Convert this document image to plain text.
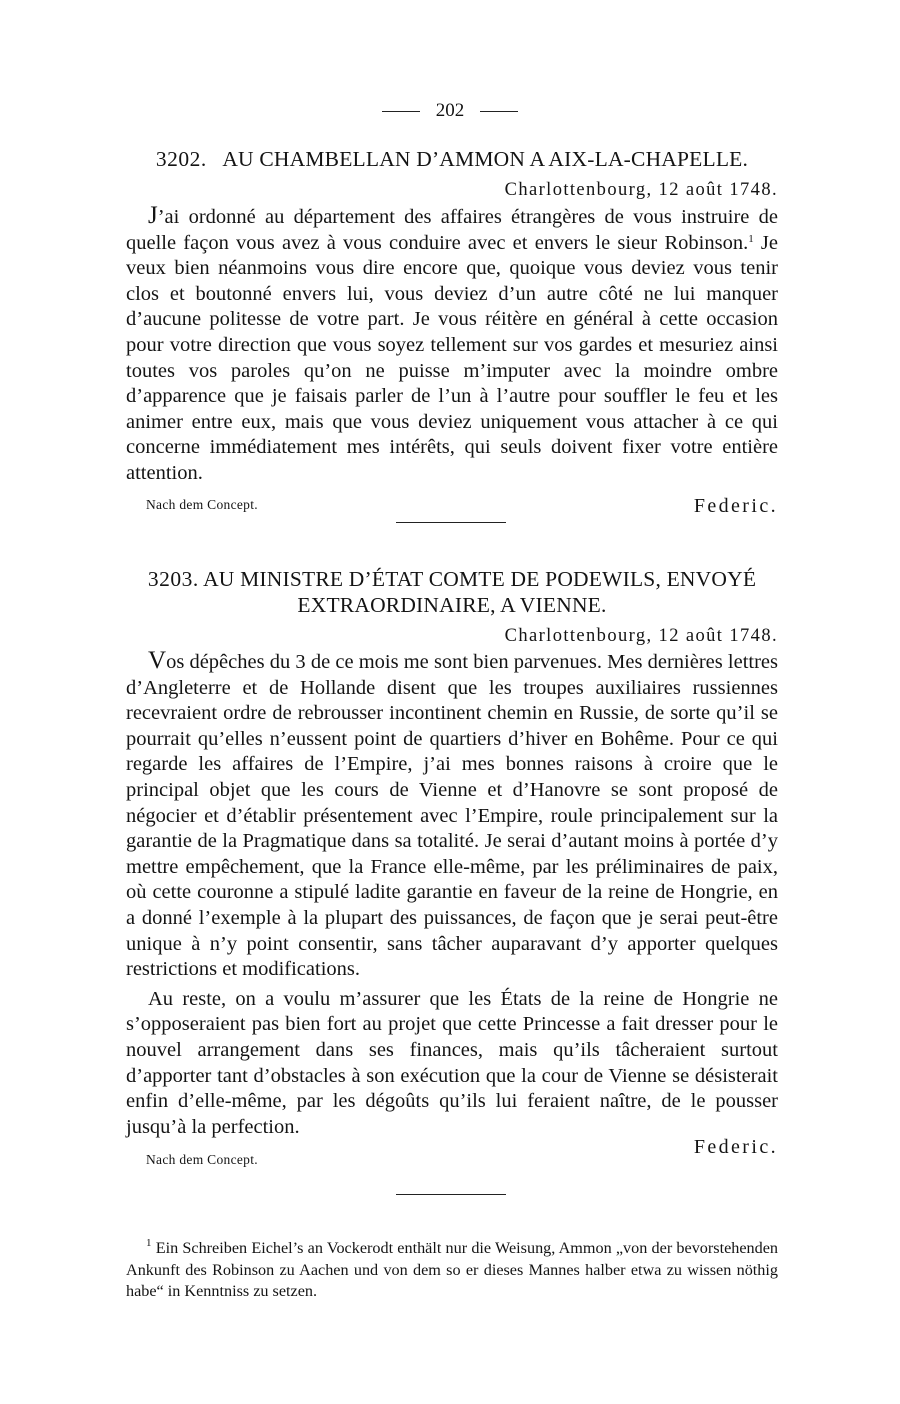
202
3202. AU CHAMBELLAN D’AMMON A AIX-LA-CHAPELLE.
Charlottenbourg, 12 août 1748.

J’ai ordonné au département des affaires étrangères de vous instruire de quelle façon vous avez à vous conduire avec et envers le sieur Robinson.$^1$ Je veux bien néanmoins vous dire encore que, quoique vous deviez vous tenir clos et boutonné envers lui, vous deviez d’un autre côté ne lui manquer d’aucune politesse de votre part. Je vous réitère en général à cette occasion pour votre direction que vous soyez tellement sur vos gardes et mesuriez ainsi toutes vos paroles qu’on ne puisse m’imputer avec la moindre ombre d’apparence que je faisais parler de l’un à l’autre pour souffler le feu et les animer entre eux, mais que vous deviez uniquement vous attacher à ce qui concerne immédiatement mes intérêts, qui seuls doivent fixer votre entière attention.

Nach dem Concept.	Federic.
3203. AU MINISTRE D’ÉTAT COMTE DE PODEWILS, ENVOYÉ
EXTRAORDINAIRE, A VIENNE.
Charlottenbourg, 12 août 1748.

Vos dépêches du 3 de ce mois me sont bien parvenues. Mes dernières lettres d’Angleterre et de Hollande disent que les troupes auxiliaires russiennes recevraient ordre de rebrousser incontinent chemin en Russie, de sorte qu’il se pourrait qu’elles n’eussent point de quartiers d’hiver en Bohême. Pour ce qui regarde les affaires de l’Empire, j’ai mes bonnes raisons à croire que le principal objet que les cours de Vienne et d’Hanovre se sont proposé de négocier et d’établir présentement avec l’Empire, roule principalement sur la garantie de la Pragmatique dans sa totalité. Je serai d’autant moins à portée d’y mettre empêchement, que la France elle-même, par les préliminaires de paix, où cette couronne a stipulé ladite garantie en faveur de la reine de Hongrie, en a donné l’exemple à la plupart des puissances, de façon que je serai peut-être unique à n’y point consentir, sans tâcher auparavant d’y apporter quelques restrictions et modifications.

Au reste, on a voulu m’assurer que les États de la reine de Hongrie ne s’opposeraient pas bien fort au projet que cette Princesse a fait dresser pour le nouvel arrangement dans ses finances, mais qu’ils tâcheraient surtout d’apporter tant d’obstacles à son exécution que la cour de Vienne se désisterait enfin d’elle-même, par les dégoûts qu’ils lui feraient naître, de le pousser jusqu’à la perfection.

Nach dem Concept.
Federic.
$^1$ Ein Schreiben Eichel’s an Vockerodt enthält nur die Weisung, Ammon „von der bevorstehenden Ankunft des Robinson zu Aachen und von dem so er dieses Mannes halber etwa zu wissen nöthig habe“ in Kenntniss zu setzen.
